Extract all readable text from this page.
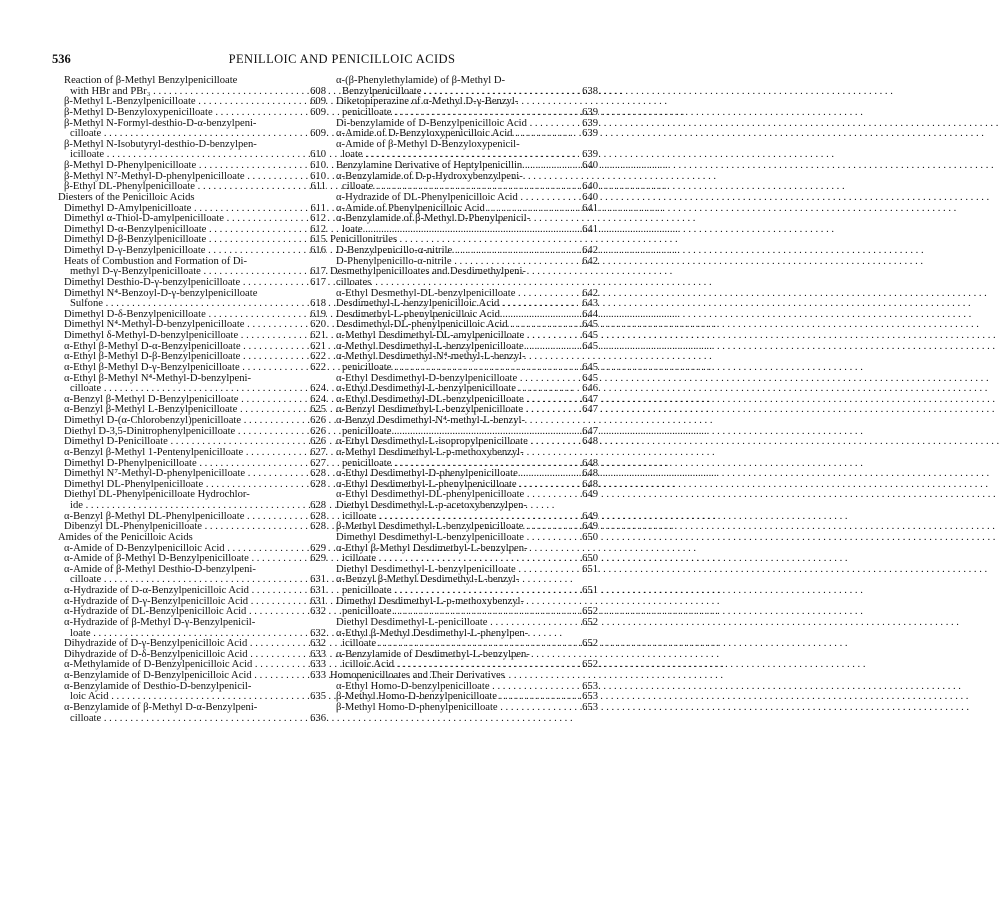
536	PENILLOIC AND PENICILLOIC ACIDS
Reaction of β-Methyl Benzylpenicilloate
with HBr and PBr₃ . . .	608
β-Methyl L-Benzylpenicilloate . . .	609
β-Methyl D-Benzyloxypenicilloate . . .	609
β-Methyl N-Formyl-desthio-D-α-benzylpeni-
cilloate . . .	609
β-Methyl N-Isobutyryl-desthio-D-benzylpen-
icilloate . . .	610
β-Methyl D-Phenylpenicilloate . . .	610
β-Methyl N⁷-Methyl-D-phenylpenicilloate . . .	610
β-Ethyl DL-Phenylpenicilloate . . .	611
Diesters of the Penicilloic Acids
Dimethyl D-Amylpenicilloate . . .	611
Dimethyl α-Thiol-D-amylpenicilloate . . .	612
Dimethyl D-α-Benzylpenicilloate . . .	612
Dimethyl D-β-Benzylpenicilloate . . .	615
Dimethyl D-γ-Benzylpenicilloate . . .	616
Heats of Combustion and Formation of Di-
methyl D-γ-Benzylpenicilloate . . .	617
Dimethyl Desthio-D-γ-benzylpenicilloate . . .	617
Dimethyl N⁴-Benzoyl-D-γ-benzylpenicilloate
Sulfone . . .	618
Dimethyl D-δ-Benzylpenicilloate . . .	619
Dimethyl N⁴-Methyl-D-benzylpenicilloate . . .	620
Dimethyl δ-Methyl-D-benzylpenicilloate . . .	621
α-Ethyl β-Methyl D-α-Benzylpenicilloate . . .	621
α-Ethyl β-Methyl D-β-Benzylpenicilloate . . .	622
α-Ethyl β-Methyl D-γ-Benzylpenicilloate . . .	622
α-Ethyl β-Methyl N⁴-Methyl-D-benzylpeni-
cilloate . . .	624
α-Benzyl β-Methyl D-Benzylpenicilloate . . .	624
α-Benzyl β-Methyl L-Benzylpenicilloate . . .	625
Dimethyl D-(α-Chlorobenzyl)penicilloate . . .	626
Diethyl D-3,5-Dinitrophenylpenicilloate . . .	626
Dimethyl D-Penicilloate . . .	626
α-Benzyl β-Methyl 1-Pentenylpenicilloate . . .	627
Dimethyl D-Phenylpenicilloate . . .	627
Dimethyl N⁷-Methyl-D-phenylpenicilloate . . .	628
Dimethyl DL-Phenylpenicilloate . . .	628
Diethyl DL-Phenylpenicilloate Hydrochlor-
ide . . .	628
α-Benzyl β-Methyl DL-Phenylpenicilloate . . .	628
Dibenzyl DL-Phenylpenicilloate . . .	628
Amides of the Penicilloic Acids
α-Amide of D-Benzylpenicilloic Acid . . .	629
α-Amide of β-Methyl D-Benzylpenicilloate . . .	629
α-Amide of β-Methyl Desthio-D-benzylpeni-
cilloate . . .	631
α-Hydrazide of D-α-Benzylpenicilloic Acid . . .	631
α-Hydrazide of D-γ-Benzylpenicilloic Acid . . .	631
α-Hydrazide of DL-Benzylpenicilloic Acid . . .	632
α-Hydrazide of β-Methyl D-γ-Benzylpenicil-
loate . . .	632
Dihydrazide of D-γ-Benzylpenicilloic Acid . . .	632
Dihydrazide of D-δ-Benzylpenicilloic Acid . . .	633
α-Methylamide of D-Benzylpenicilloic Acid . . .	633
α-Benzylamide of D-Benzylpenicilloic Acid . . .	633
α-Benzylamide of Desthio-D-benzylpenicil-
loic Acid . . .	635
α-Benzylamide of β-Methyl D-α-Benzylpeni-
cilloate . . .	636
α-(β-Phenylethylamide) of β-Methyl D-
Benzylpenicilloate . . .	638
Diketopiperazine of α-Methyl D-γ-Benzyl-
penicilloate . . .	639
Di-benzylamide of D-Benzylpenicilloic Acid . . .	639
α-Amide of D-Benzyloxypenicilloic Acid . . .	639
α-Amide of β-Methyl D-Benzyloxypenicil-
loate . . .	639
Benzylamine Derivative of Heptylpenicillin . . .	640
α-Benzylamide of D-p-Hydroxybenzylpeni-
cilloate . . .	640
α-Hydrazide of DL-Phenylpenicilloic Acid . . .	640
α-Amide of Phenylpenicilloic Acid . . .	641
α-Benzylamide of β-Methyl D-Phenylpenicil-
loate . . .	641
Penicillonitriles
D-Benzylpenicillo-α-nitrile . . .	642
D-Phenylpenicillo-α-nitrile . . .	642
Desmethylpenicilloates and Desdimethylpeni-
cilloates
α-Ethyl Desmethyl-DL-benzylpenicilloate . . .	642
Desdimethyl-L-benzylpenicilloic Acid . . .	643
Desdimethyl-L-phenylpenicilloic Acid . . .	644
Desdimethyl-DL-phenylpenicilloic Acid . . .	645
α-Methyl Desdimethyl-DL-amylpenicilloate . . .	645
α-Methyl Desdimethyl-L-benzylpenicilloate . . .	645
α-Methyl Desdimethyl-N⁴-methyl-L-benzyl-
penicilloate . . .	645
α-Ethyl Desdimethyl-D-benzylpenicilloate . . .	645
α-Ethyl Desdimethyl-L-benzylpenicilloate . . .	646
α-Ethyl Desdimethyl-DL-benzylpenicilloate . . .	647
α-Benzyl Desdimethyl-L-benzylpenicilloate . . .	647
α-Benzyl Desdimethyl-N⁴-methyl-L-benzyl-
penicilloate . . .	647
α-Ethyl Desdimethyl-L-isopropylpenicilloate . . .	648
α-Methyl Desdimethyl-L-p-methoxybenzyl-
penicilloate . . .	648
α-Ethyl Desdimethyl-D-phenylpenicilloate . . .	648
α-Ethyl Desdimethyl-L-phenylpenicilloate . . .	648
α-Ethyl Desdimethyl-DL-phenylpenicilloate . . .	649
Diethyl Desdimethyl-L-p-acetoxybenzylpen-
icilloate . . .	649
β-Methyl Desdimethyl-L-benzylpenicilloate . . .	649
Dimethyl Desdimethyl-L-benzylpenicilloate . . .	650
α-Ethyl β-Methyl Desdimethyl-L-benzylpen-
icilloate . . .	650
Diethyl Desdimethyl-L-benzylpenicilloate . . .	651
α-Benzyl β-Methyl Desdimethyl-L-benzyl-
penicilloate . . .	651
Dimethyl Desdimethyl-L-p-methoxybenzyl-
penicilloate . . .	652
Diethyl Desdimethyl-L-penicilloate . . .	652
α-Ethyl β-Methyl Desdimethyl-L-phenylpen-
icilloate . . .	652
α-Benzylamide of Desdimethyl-L-benzylpen-
icilloic Acid . . .	652
Homopenicilloates and Their Derivatives
α-Ethyl Homo-D-benzylpenicilloate . . .	653
β-Methyl Homo-D-benzylpenicilloate . . .	653
β-Methyl Homo-D-phenylpenicilloate . . .	653
